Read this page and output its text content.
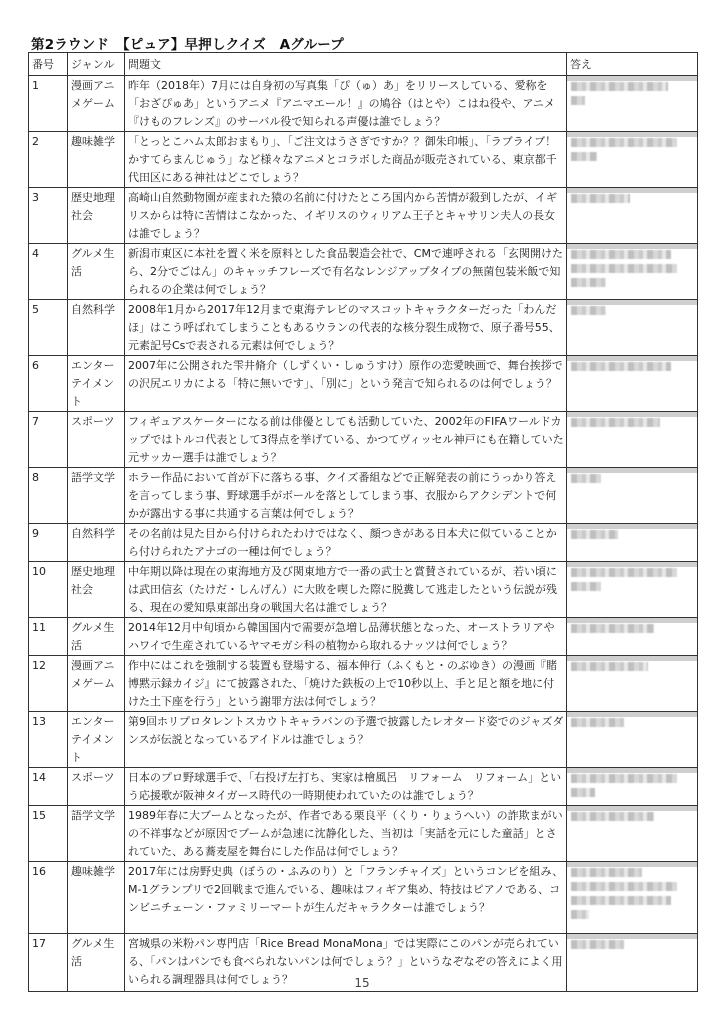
第2ラウンド　【ピュア】早押しクイズ　Aグループ
番号	ジャンル	問題文	答え
1	漫画アニメゲーム	昨年（2018年）7月には自身初の写真集「ぴ（ゅ）あ」をリリースしている、愛称を「おざぴゅあ」というアニメ『アニマエール！』の鳩谷（はとや）こはね役や、アニメ『けものフレンズ』のサーバル役で知られる声優は誰でしょう？	

2	趣味雑学	「とっとこハム太郎おまもり」、「ご注文はうさぎですか？？御朱印帳」、「ラブライブ！かすてらまんじゅう」など様々なアニメとコラボした商品が販売されている、東京都千代田区にある神社はどこでしょう？	

3	歴史地理社会	高崎山自然動物園が産まれた猿の名前に付けたところ国内から苦情が殺到したが、イギリスからは特に苦情はこなかった、イギリスのウィリアム王子とキャサリン夫人の長女は誰でしょう？	

4	グルメ生活	新潟市東区に本社を置く米を原料とした食品製造会社で、CMで連呼される「玄関開けたら、2分でごはん」のキャッチフレーズで有名なレンジアップタイプの無菌包装米飯で知られるの企業は何でしょう？	

5	自然科学	2008年1月から2017年12月まで東海テレビのマスコットキャラクターだった「わんだほ」はこう呼ばれてしまうこともあるウランの代表的な核分裂生成物で、原子番号55、元素記号Csで表される元素は何でしょう？	

6	エンターテイメント	2007年に公開された雫井脩介（しずくい・しゅうすけ）原作の恋愛映画で、舞台挨拶での沢尻エリカによる「特に無いです」、「別に」という発言で知られるのは何でしょう？	

7	スポーツ	フィギュアスケーターになる前は俳優としても活動していた、2002年のFIFAワールドカップではトルコ代表として3得点を挙げている、かつてヴィッセル神戸にも在籍していた元サッカー選手は誰でしょう？	

8	語学文学	ホラー作品において首が下に落ちる事、クイズ番組などで正解発表の前にうっかり答えを言ってしまう事、野球選手がボールを落としてしまう事、衣服からアクシデントで何かが露出する事に共通する言葉は何でしょう？	

9	自然科学	その名前は見た目から付けられたわけではなく、顔つきがある日本犬に似ていることから付けられたアナゴの一種は何でしょう？	

10	歴史地理社会	中年期以降は現在の東海地方及び関東地方で一番の武士と賞賛されているが、若い頃には武田信玄（たけだ・しんげん）に大敗を喫した際に脱糞して逃走したという伝説が残る、現在の愛知県東部出身の戦国大名は誰でしょう？	

11	グルメ生活	2014年12月中旬頃から韓国国内で需要が急増し品薄状態となった、オーストラリアやハワイで生産されているヤマモガシ科の植物から取れるナッツは何でしょう？	

12	漫画アニメゲーム	作中にはこれを強制する装置も登場する、福本伸行（ふくもと・のぶゆき）の漫画『賭博黙示録カイジ』にて披露された、「焼けた鉄板の上で10秒以上、手と足と額を地に付けた土下座を行う」という謝罪方法は何でしょう？	

13	エンターテイメント	第9回ホリプロタレントスカウトキャラバンの予選で披露したレオタード姿でのジャズダンスが伝説となっているアイドルは誰でしょう？	

14	スポーツ	日本のプロ野球選手で、「右投げ左打ち、実家は檜風呂　リフォーム　リフォーム」という応援歌が阪神タイガース時代の一時期使われていたのは誰でしょう？	

15	語学文学	1989年春に大ブームとなったが、作者である栗良平（くり・りょうへい）の詐欺まがいの不祥事などが原因でブームが急速に沈静化した、当初は「実話を元にした童話」とされていた、ある蕎麦屋を舞台にした作品は何でしょう？	

16	趣味雑学	2017年には房野史典（ぼうの・ふみのり）と「フランチャイズ」というコンビを組み、M-1グランプリで2回戦まで進んでいる、趣味はフィギア集め、特技はピアノである、コンビニチェーン・ファミリーマートが生んだキャラクターは誰でしょう？	

17	グルメ生活	宮城県の米粉パン専門店「Rice Bread MonaMona」では実際にこのパンが売られている、「パンはパンでも食べられないパンは何でしょう？」というなぞなぞの答えによく用いられる調理器具は何でしょう？		15
